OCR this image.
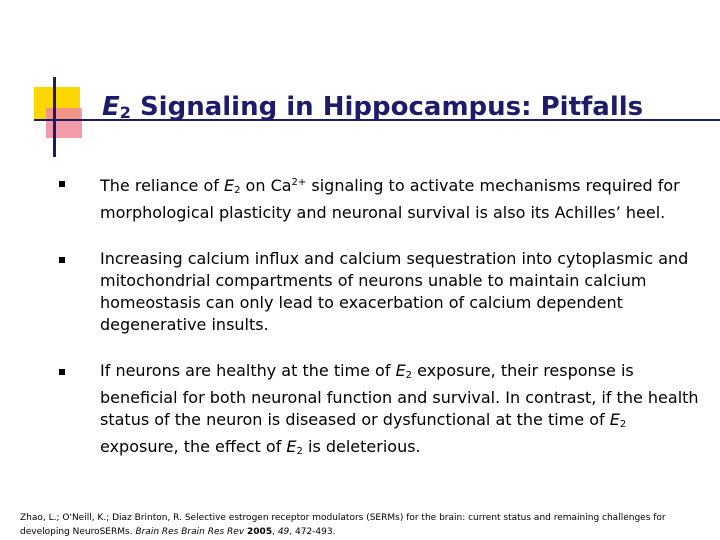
$E_2$ Signaling in Hippocampus: Pitfalls
The reliance of $E_2$ on $Ca^{2+}$ signaling to activate mechanisms required for morphological plasticity and neuronal survival is also its Achilles’ heel.
Increasing calcium influx and calcium sequestration into cytoplasmic and mitochondrial compartments of neurons unable to maintain calcium homeostasis can only lead to exacerbation of calcium dependent degenerative insults.
If neurons are healthy at the time of $E_2$ exposure, their response is beneficial for both neuronal function and survival. In contrast, if the health status of the neuron is diseased or dysfunctional at the time of $E_2$ exposure, the effect of $E_2$ is deleterious.
Zhao, L.; O'Neill, K.; Diaz Brinton, R. Selective estrogen receptor modulators (SERMs) for the brain: current status and remaining challenges for developing NeuroSERMs. Brain Res Brain Res Rev 2005, 49, 472-493.
